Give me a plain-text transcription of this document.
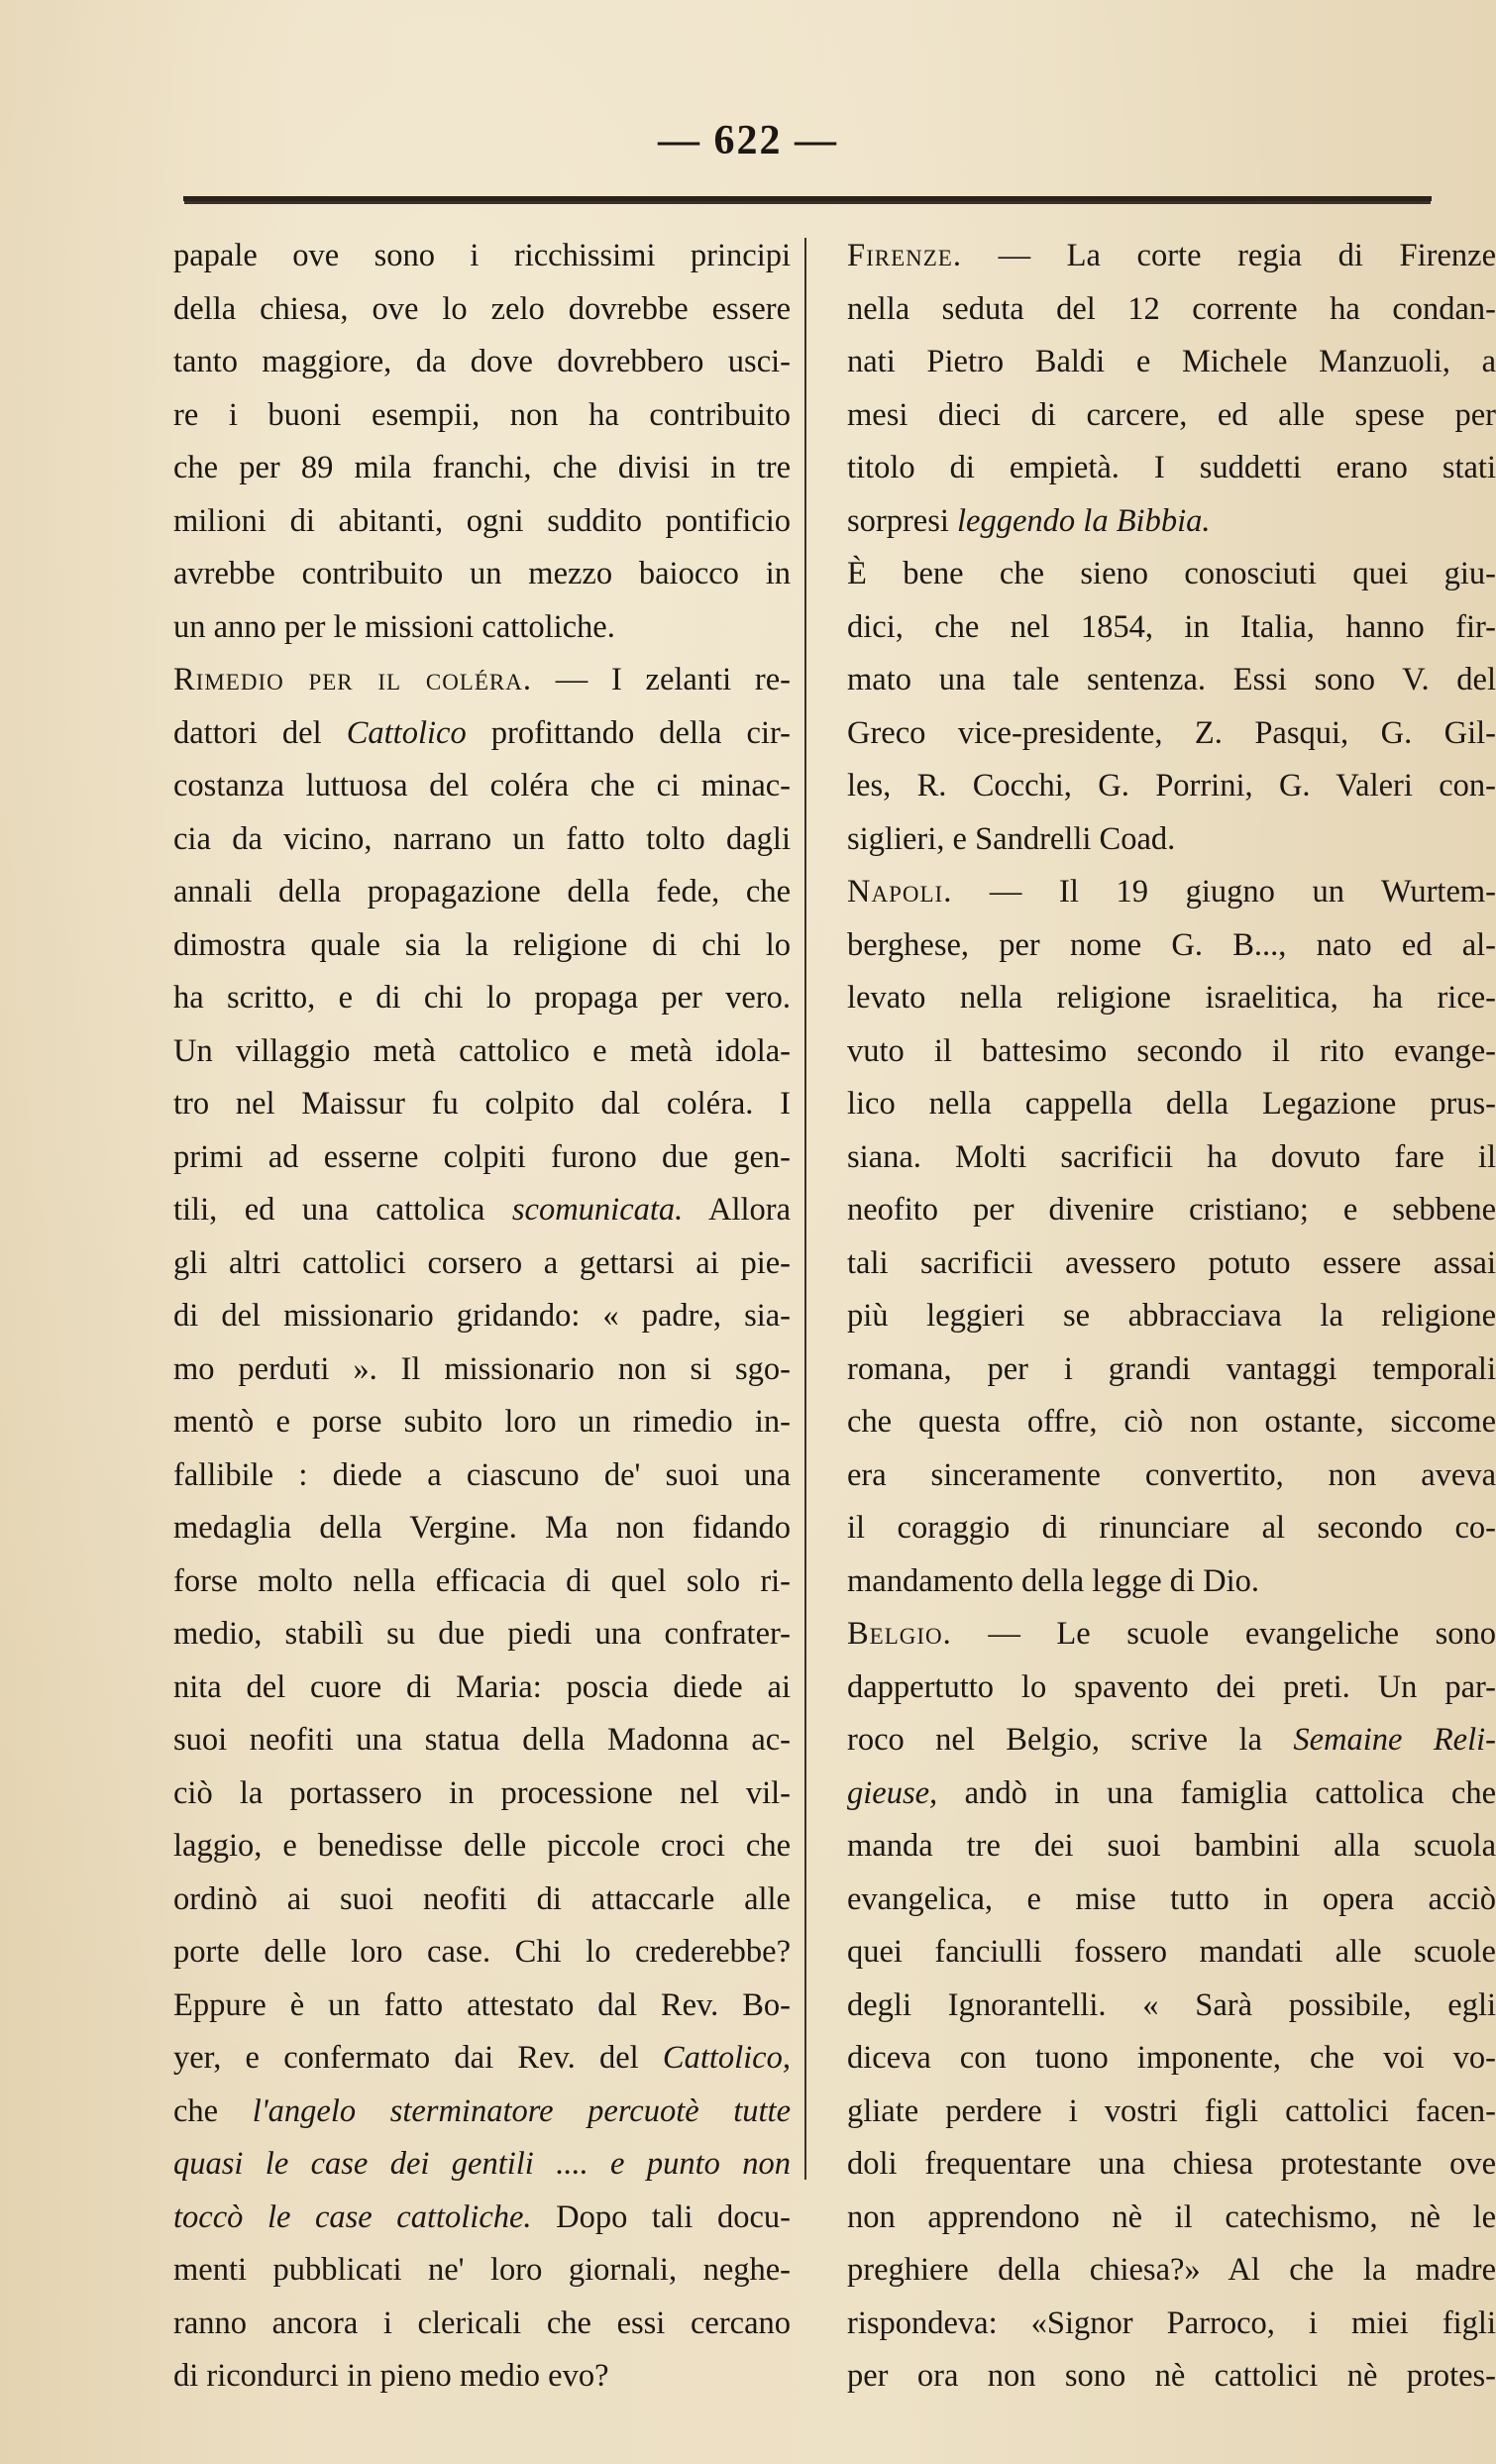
— 622 —
papale ove sono i ricchissimi principi
della chiesa, ove lo zelo dovrebbe essere
tanto maggiore, da dove dovrebbero usci-
re i buoni esempii, non ha contribuito
che per 89 mila franchi, che divisi in tre
milioni di abitanti, ogni suddito pontificio
avrebbe contribuito un mezzo baiocco in
un anno per le missioni cattoliche.
Rimedio per il coléra. — I zelanti re-
dattori del Cattolico profittando della cir-
costanza luttuosa del coléra che ci minac-
cia da vicino, narrano un fatto tolto dagli
annali della propagazione della fede, che
dimostra quale sia la religione di chi lo
ha scritto, e di chi lo propaga per vero.
Un villaggio metà cattolico e metà idola-
tro nel Maissur fu colpito dal coléra. I
primi ad esserne colpiti furono due gen-
tili, ed una cattolica scomunicata. Allora
gli altri cattolici corsero a gettarsi ai pie-
di del missionario gridando: « padre, sia-
mo perduti ». Il missionario non si sgo-
mentò e porse subito loro un rimedio in-
fallibile : diede a ciascuno de' suoi una
medaglia della Vergine. Ma non fidando
forse molto nella efficacia di quel solo ri-
medio, stabilì su due piedi una confrater-
nita del cuore di Maria: poscia diede ai
suoi neofiti una statua della Madonna ac-
ciò la portassero in processione nel vil-
laggio, e benedisse delle piccole croci che
ordinò ai suoi neofiti di attaccarle alle
porte delle loro case. Chi lo crederebbe?
Eppure è un fatto attestato dal Rev. Bo-
yer, e confermato dai Rev. del Cattolico,
che l'angelo sterminatore percuotè tutte
quasi le case dei gentili .... e punto non
toccò le case cattoliche. Dopo tali docu-
menti pubblicati ne' loro giornali, neghe-
ranno ancora i clericali che essi cercano
di ricondurci in pieno medio evo?
Firenze. — La corte regia di Firenze
nella seduta del 12 corrente ha condan-
nati Pietro Baldi e Michele Manzuoli, a
mesi dieci di carcere, ed alle spese per
titolo di empietà. I suddetti erano stati
sorpresi leggendo la Bibbia.
È bene che sieno conosciuti quei giu-
dici, che nel 1854, in Italia, hanno fir-
mato una tale sentenza. Essi sono V. del
Greco vice-presidente, Z. Pasqui, G. Gil-
les, R. Cocchi, G. Porrini, G. Valeri con-
siglieri, e Sandrelli Coad.
Napoli. — Il 19 giugno un Wurtem-
berghese, per nome G. B..., nato ed al-
levato nella religione israelitica, ha rice-
vuto il battesimo secondo il rito evange-
lico nella cappella della Legazione prus-
siana. Molti sacrificii ha dovuto fare il
neofito per divenire cristiano; e sebbene
tali sacrificii avessero potuto essere assai
più leggieri se abbracciava la religione
romana, per i grandi vantaggi temporali
che questa offre, ciò non ostante, siccome
era sinceramente convertito, non aveva
il coraggio di rinunciare al secondo co-
mandamento della legge di Dio.
Belgio. — Le scuole evangeliche sono
dappertutto lo spavento dei preti. Un par-
roco nel Belgio, scrive la Semaine Reli-
gieuse, andò in una famiglia cattolica che
manda tre dei suoi bambini alla scuola
evangelica, e mise tutto in opera acciò
quei fanciulli fossero mandati alle scuole
degli Ignorantelli. « Sarà possibile, egli
diceva con tuono imponente, che voi vo-
gliate perdere i vostri figli cattolici facen-
doli frequentare una chiesa protestante ove
non apprendono nè il catechismo, nè le
preghiere della chiesa?» Al che la madre
rispondeva: «Signor Parroco, i miei figli
per ora non sono nè cattolici nè protes-
